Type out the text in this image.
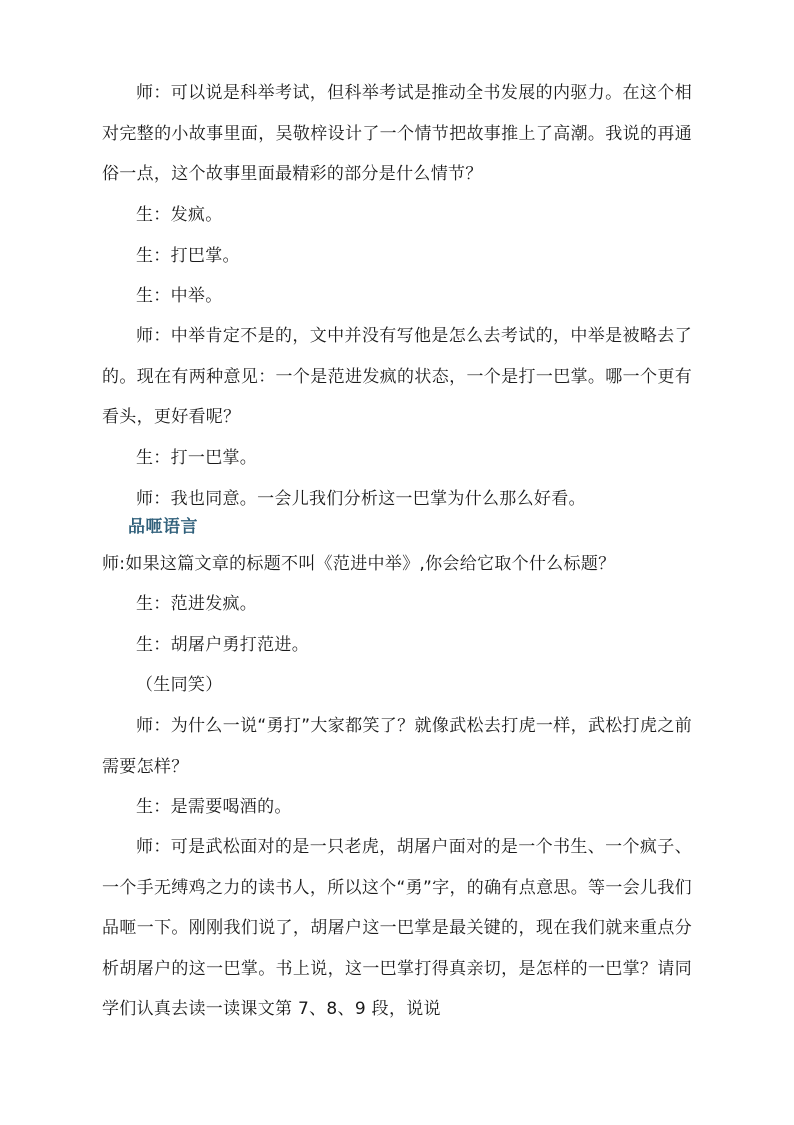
师：可以说是科举考试，但科举考试是推动全书发展的内驱力。在这个相对完整的小故事里面，吴敬梓设计了一个情节把故事推上了高潮。我说的再通俗一点，这个故事里面最精彩的部分是什么情节？

生：发疯。

生：打巴掌。

生：中举。

师：中举肯定不是的，文中并没有写他是怎么去考试的，中举是被略去了的。现在有两种意见：一个是范进发疯的状态，一个是打一巴掌。哪一个更有看头，更好看呢？

生：打一巴掌。

师：我也同意。一会儿我们分析这一巴掌为什么那么好看。

品咂语言

师:如果这篇文章的标题不叫《范进中举》,你会给它取个什么标题？

生：范进发疯。

生：胡屠户勇打范进。

（生同笑）

师：为什么一说“勇打”大家都笑了？就像武松去打虎一样，武松打虎之前需要怎样？

生：是需要喝酒的。

师：可是武松面对的是一只老虎，胡屠户面对的是一个书生、一个疯子、一个手无缚鸡之力的读书人，所以这个“勇”字，的确有点意思。等一会儿我们品咂一下。刚刚我们说了，胡屠户这一巴掌是最关键的，现在我们就来重点分析胡屠户的这一巴掌。书上说，这一巴掌打得真亲切，是怎样的一巴掌？请同学们认真去读一读课文第 7、8、9 段，说说
